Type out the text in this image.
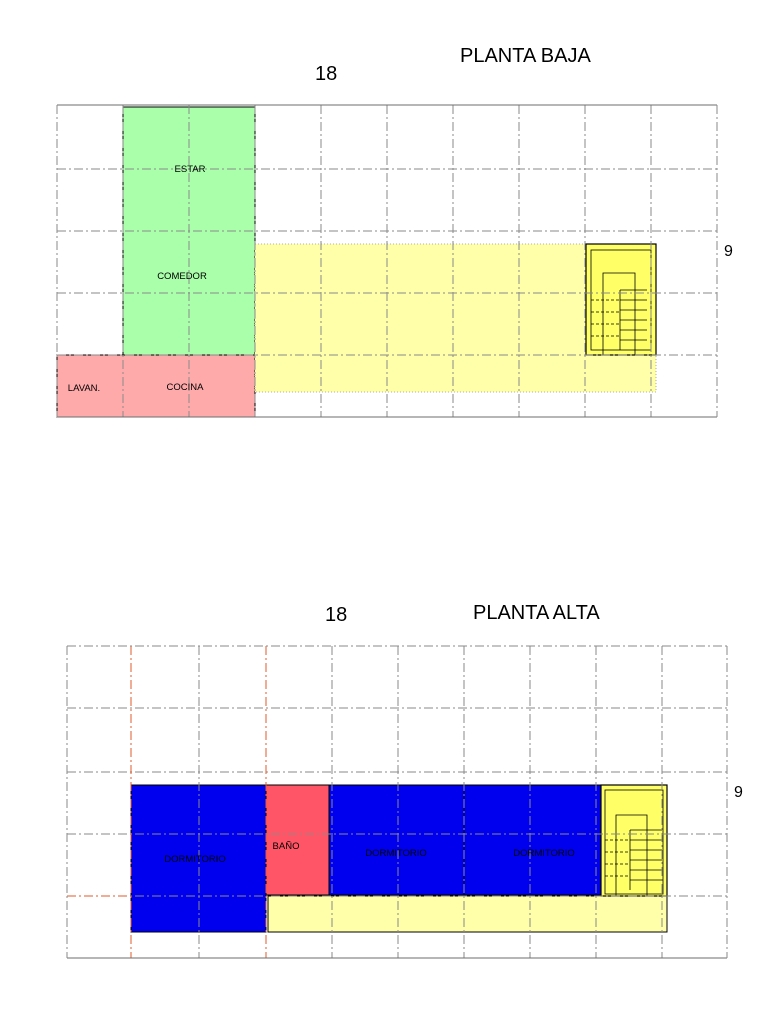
PLANTA BAJA
18
9
ESTAR
COMEDOR
LAVAN.	COCINA
PLANTA ALTA
18
9
DORMITORIO
BAÑO
DORMITORIO	DORMITORIO
